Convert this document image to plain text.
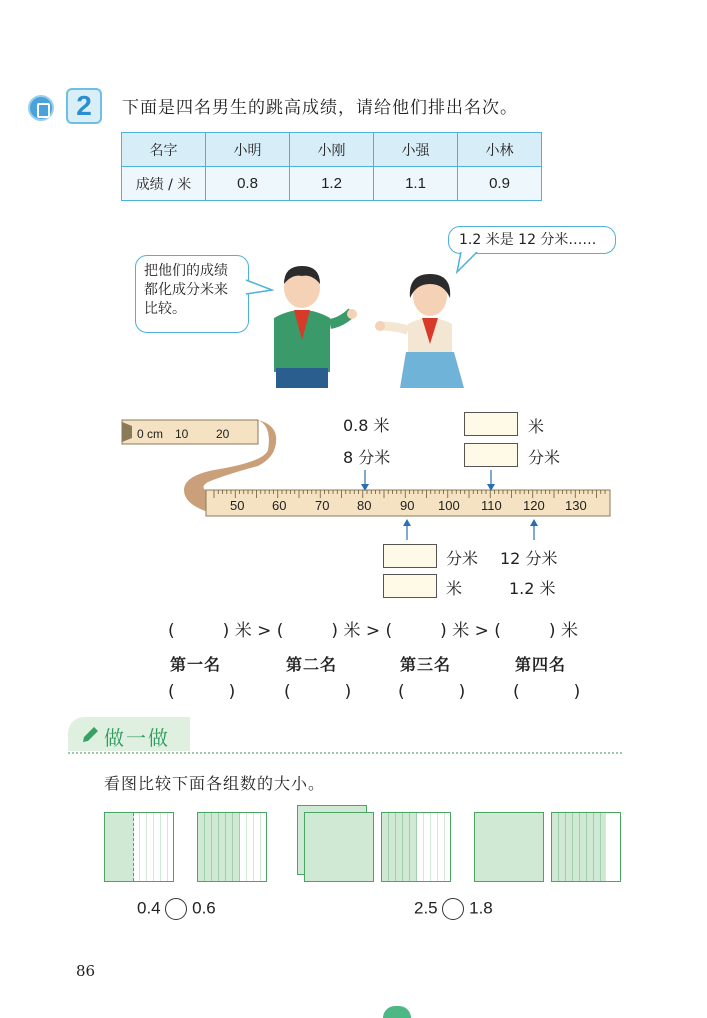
2	下面是四名男生的跳高成绩，请给他们排出名次。
名字	小明	小刚	小强	小林
成绩 / 米	0.8	1.2	1.1	0.9
把他们的成绩都化成分米来比较。
1.2 米是 12 分米……
0 cm 10 20
50 60 70 80 90 100 110 120 130
0.8 米
8 分米
米
分米
分米 12 分米
米	1.2 米
(	) 米 > (	) 米 > (	) 米 > (	) 米
第一名	第二名	第三名	第四名
(          )	(          )	(          )	(          )
做一做
看图比较下面各组数的大小。
0.4 0.6	2.5 1.8
86
